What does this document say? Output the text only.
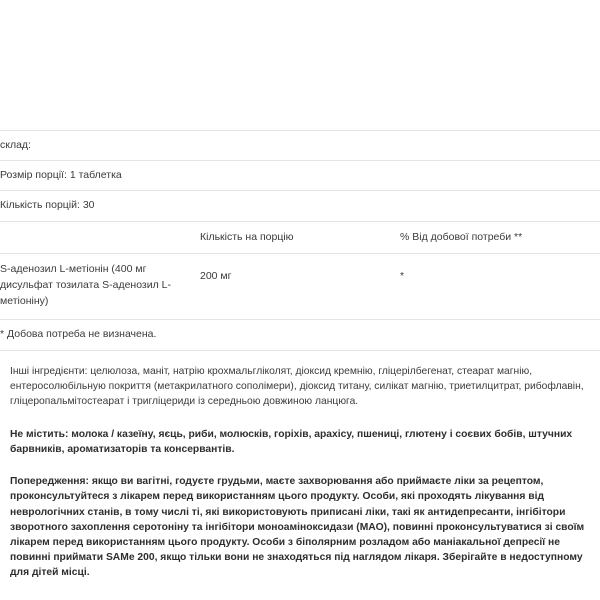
склад:		
Розмір порції: 1 таблетка		
Кількість порцій: 30		
	Кількість на порцію	% Від добової потреби **
S-аденозил L-метіонін (400 мг дисульфат тозилата S-аденозил L-метіоніну)	200 мг	*
* Добова потреба не визначена.		

Інші інгредієнти: целюлоза, маніт, натрію крохмальгліколят, діоксид кремнію, гліцерілбегенат, стеарат магнію, ентеросолюбільную покриття (метакрилатного сополімери), діоксид титану, силікат магнію, триетилцитрат, рибофлавін, гліцеропальмітостеарат і тригліцериди із середньою довжиною ланцюга.

Не містить: молока / казеїну, яєць, риби, молюсків, горіхів, арахісу, пшениці, глютену і соєвих бобів, штучних барвників, ароматизаторів та консервантів.

Попередження: якщо ви вагітні, годуєте грудьми, маєте захворювання або приймаєте ліки за рецептом, проконсультуйтеся з лікарем перед використанням цього продукту. Особи, які проходять лікування від неврологічних станів, в тому числі ті, які використовують приписані ліки, такі як антидепресанти, інгібітори зворотного захоплення серотоніну та інгібітори моноаміноксидази (МАО), повинні проконсультуватися зі своїм лікарем перед використанням цього продукту. Особи з біполярним розладом або маніакальної депресії не повинні приймати SAMe 200, якщо тільки вони не знаходяться під наглядом лікаря. Зберігайте в недоступному для дітей місці.
